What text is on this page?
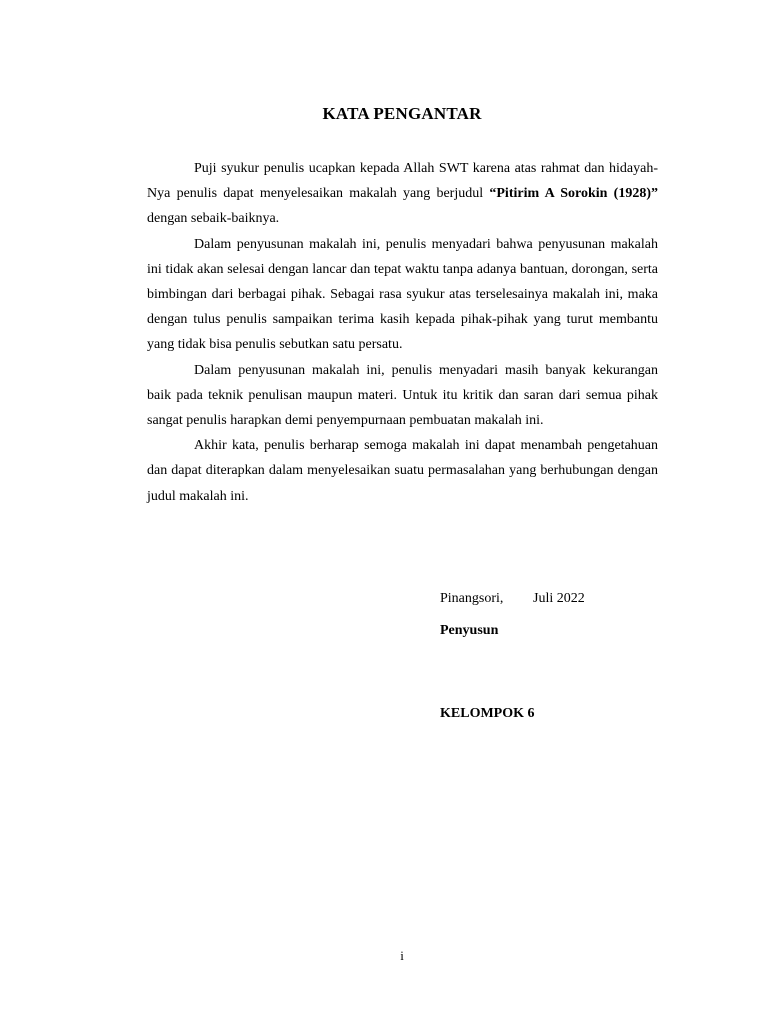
KATA PENGANTAR

Puji syukur penulis ucapkan kepada Allah SWT karena atas rahmat dan hidayah-Nya penulis dapat menyelesaikan makalah yang berjudul “Pitirim A Sorokin (1928)” dengan sebaik-baiknya.

Dalam penyusunan makalah ini, penulis menyadari bahwa penyusunan makalah ini tidak akan selesai dengan lancar dan tepat waktu tanpa adanya bantuan, dorongan, serta bimbingan dari berbagai pihak. Sebagai rasa syukur atas terselesainya makalah ini, maka dengan tulus penulis sampaikan terima kasih kepada pihak-pihak yang turut membantu yang tidak bisa penulis sebutkan satu persatu.

Dalam penyusunan makalah ini, penulis menyadari masih banyak kekurangan baik pada teknik penulisan maupun materi. Untuk itu kritik dan saran dari semua pihak sangat penulis harapkan demi penyempurnaan pembuatan makalah ini.

Akhir kata, penulis berharap semoga makalah ini dapat menambah pengetahuan dan dapat diterapkan dalam menyelesaikan suatu permasalahan yang berhubungan dengan judul makalah ini.

Pinangsori, Juli 2022
Penyusun
KELOMPOK 6
i
